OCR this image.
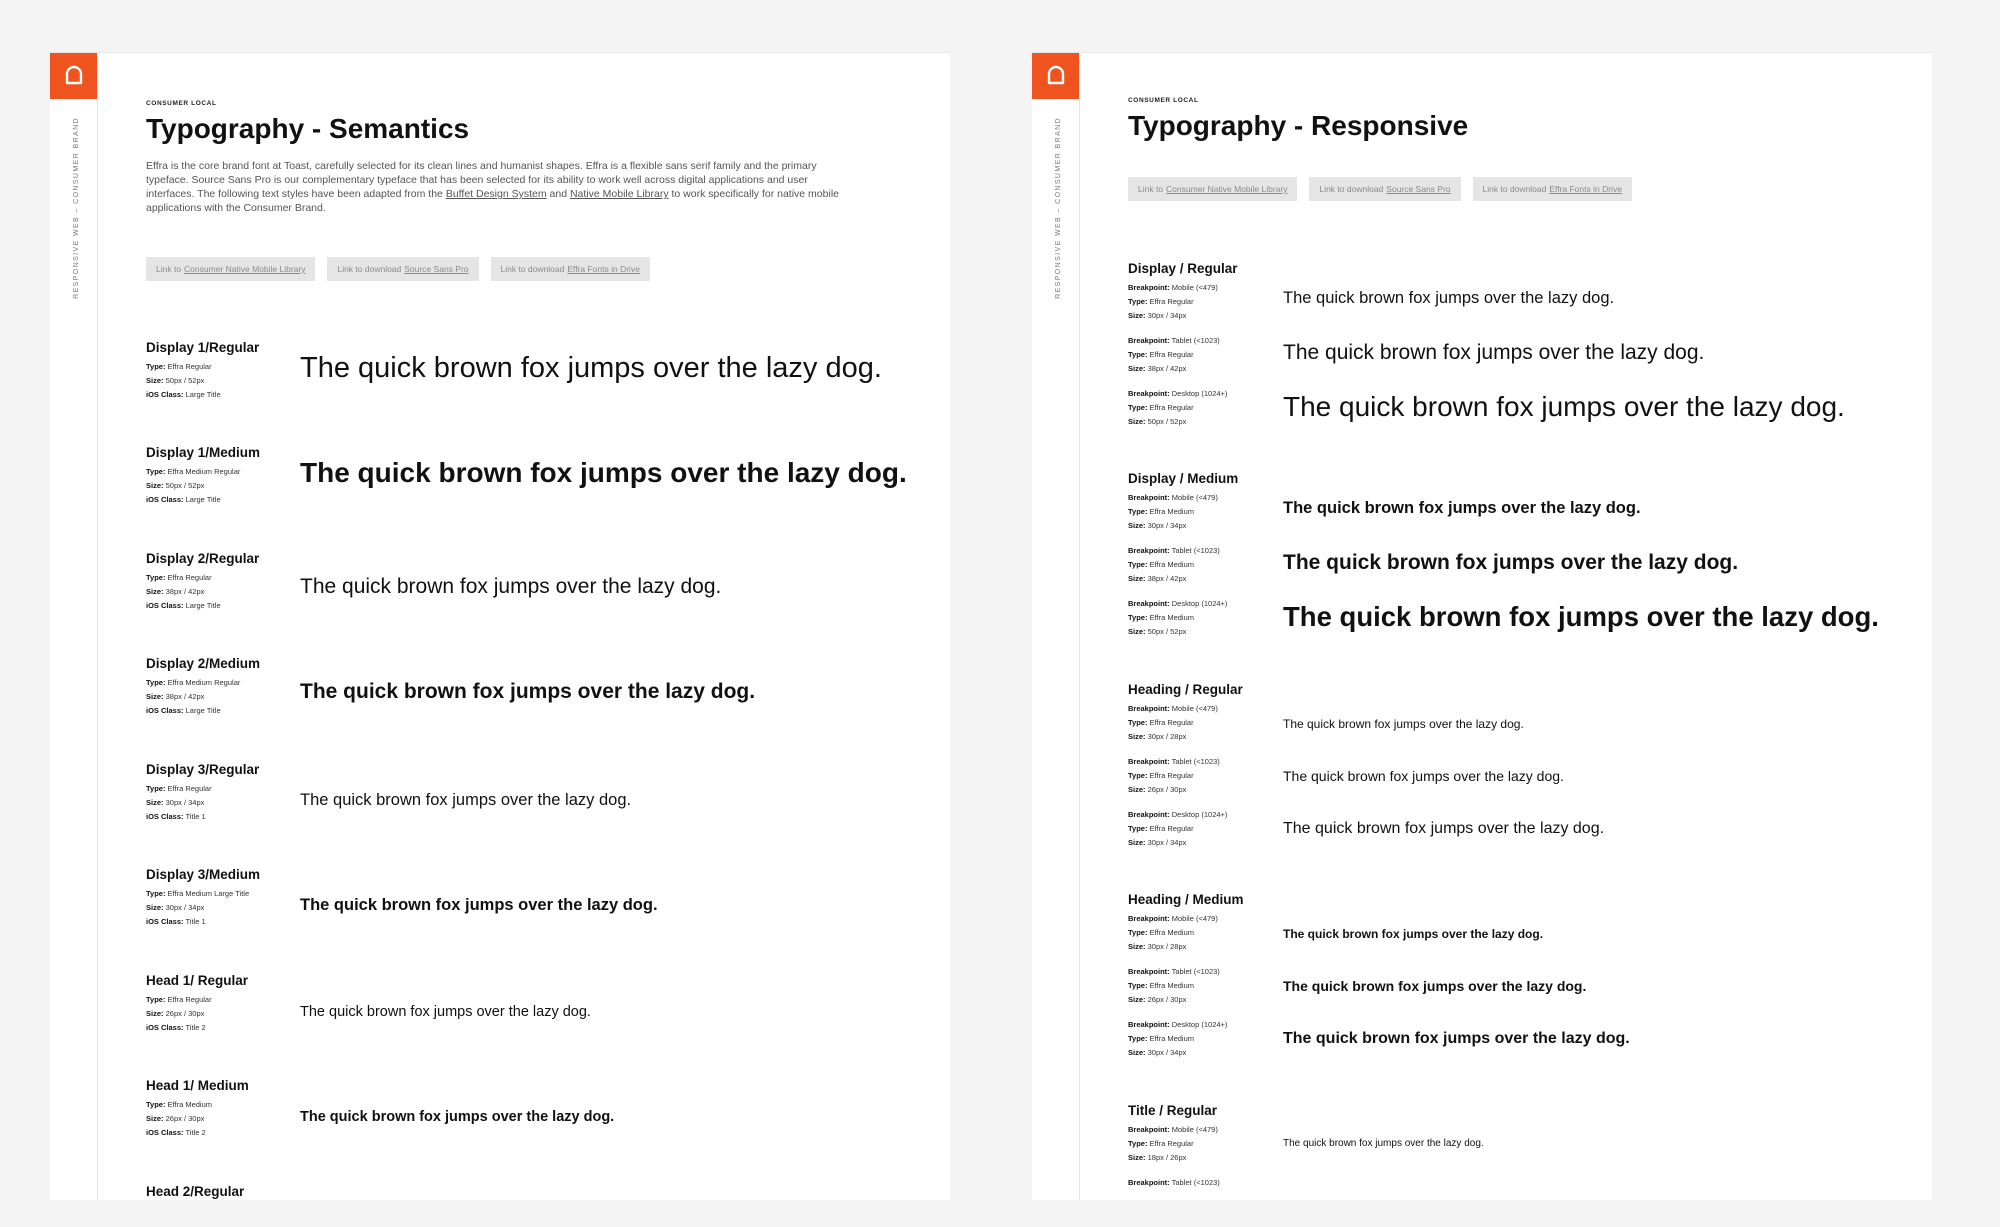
RESPONSIVE WEB – CONSUMER BRAND
CONSUMER LOCAL
Typography - Semantics
Effra is the core brand font at Toast, carefully selected for its clean lines and humanist shapes. Effra is a flexible sans serif family and the primary typeface. Source Sans Pro is our complementary typeface that has been selected for its ability to work well across digital applications and user interfaces. The following text styles have been adapted from the Buffet Design System and Native Mobile Library to work specifically for native mobile applications with the Consumer Brand.
Link to Consumer Native Mobile Library	Link to download Source Sans Pro	Link to download Effra Fonts in Drive
Display 1/Regular
Type: Effra Regular
Size: 50px / 52px
iOS Class: Large Title
The quick brown fox jumps over the lazy dog.
Display 1/Medium
Type: Effra Medium Regular
Size: 50px / 52px
iOS Class: Large Title
The quick brown fox jumps over the lazy dog.
Display 2/Regular
Type: Effra Regular
Size: 38px / 42px
iOS Class: Large Title
The quick brown fox jumps over the lazy dog.
Display 2/Medium
Type: Effra Medium Regular
Size: 38px / 42px
iOS Class: Large Title
The quick brown fox jumps over the lazy dog.
Display 3/Regular
Type: Effra Regular
Size: 30px / 34px
iOS Class: Title 1
The quick brown fox jumps over the lazy dog.
Display 3/Medium
Type: Effra Medium Large Title
Size: 30px / 34px
iOS Class: Title 1
The quick brown fox jumps over the lazy dog.
Head 1/ Regular
Type: Effra Regular
Size: 26px / 30px
iOS Class: Title 2
The quick brown fox jumps over the lazy dog.
Head 1/ Medium
Type: Effra Medium
Size: 26px / 30px
iOS Class: Title 2
The quick brown fox jumps over the lazy dog.
Head 2/Regular
RESPONSIVE WEB – CONSUMER BRAND
CONSUMER LOCAL
Typography - Responsive
Link to Consumer Native Mobile Library	Link to download Source Sans Pro	Link to download Effra Fonts in Drive
Display / Regular
Breakpoint: Mobile (<479)
Type: Effra Regular
Size: 30px / 34px
The quick brown fox jumps over the lazy dog.
Breakpoint: Tablet (<1023)
Type: Effra Regular
Size: 38px / 42px
The quick brown fox jumps over the lazy dog.
Breakpoint: Desktop (1024+)
Type: Effra Regular
Size: 50px / 52px	The quick brown fox jumps over the lazy dog.
Display / Medium
Breakpoint: Mobile (<479)
Type: Effra Medium
Size: 30px / 34px
The quick brown fox jumps over the lazy dog.
Breakpoint: Tablet (<1023)
Type: Effra Medium
Size: 38px / 42px
The quick brown fox jumps over the lazy dog.
Breakpoint: Desktop (1024+)
Type: Effra Medium
Size: 50px / 52px	The quick brown fox jumps over the lazy dog.
Heading / Regular
Breakpoint: Mobile (<479)
Type: Effra Regular
Size: 30px / 28px
The quick brown fox jumps over the lazy dog.
Breakpoint: Tablet (<1023)
Type: Effra Regular
Size: 26px / 30px
The quick brown fox jumps over the lazy dog.
Breakpoint: Desktop (1024+)
Type: Effra Regular
Size: 30px / 34px
The quick brown fox jumps over the lazy dog.
Heading / Medium
Breakpoint: Mobile (<479)
Type: Effra Medium
Size: 30px / 28px
The quick brown fox jumps over the lazy dog.
Breakpoint: Tablet (<1023)
Type: Effra Medium
Size: 26px / 30px
The quick brown fox jumps over the lazy dog.
Breakpoint: Desktop (1024+)
Type: Effra Medium
Size: 30px / 34px
The quick brown fox jumps over the lazy dog.
Title / Regular
Breakpoint: Mobile (<479)
Type: Effra Regular
Size: 18px / 26px
The quick brown fox jumps over the lazy dog.
Breakpoint: Tablet (<1023)
